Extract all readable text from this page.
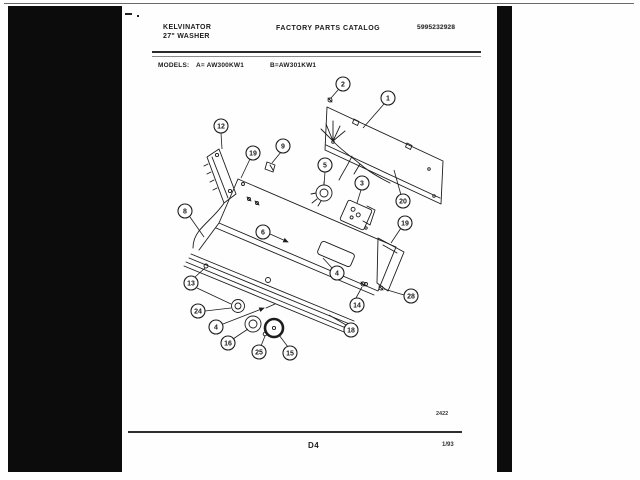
KELVINATOR
27" WASHER
FACTORY PARTS CATALOG	5995232928
MODELS: A= AW300KW1	B=AW301KW1
2
1
12
9
19
5
3
20
8
19
6
4
13
24
28
14
18
4
16
25	15
2422
D4	1/93
